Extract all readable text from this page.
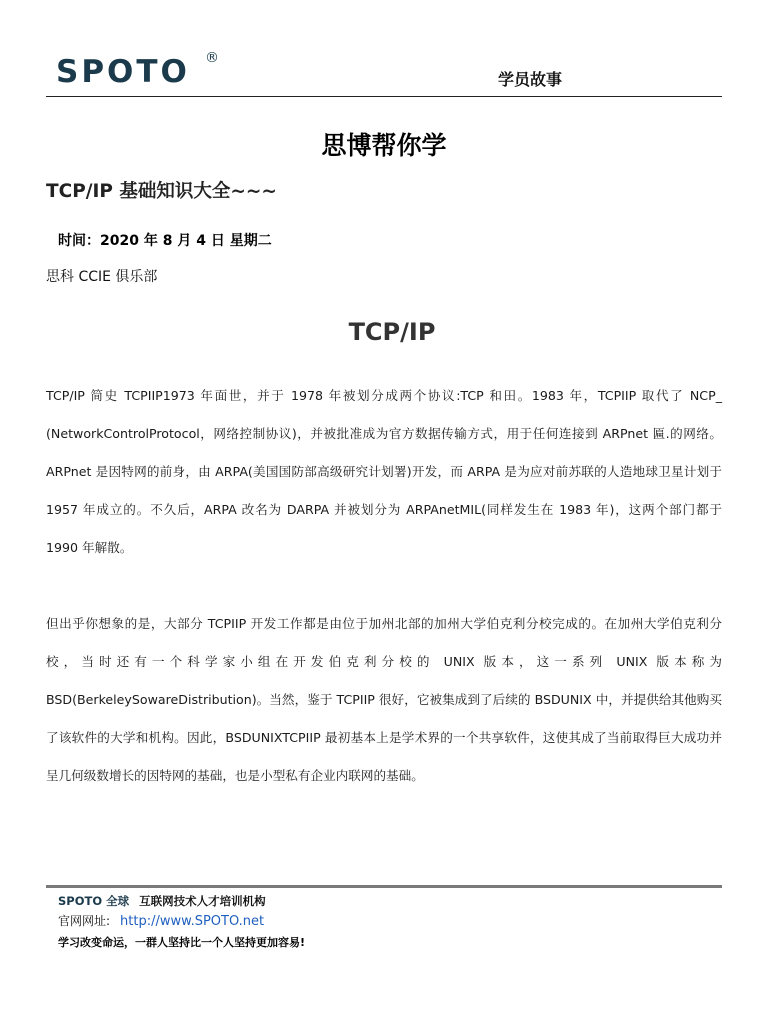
SPOTO ®
学员故事
思博帮你学
TCP/IP 基础知识大全~~~
时间：2020 年 8 月 4 日 星期二
思科 CCIE 俱乐部
TCP/IP
TCP/IP 简史 TCPIIP1973 年面世，并于 1978 年被划分成两个协议:TCP 和田。1983 年，TCPIIP 取代了 NCP_ (NetworkControlProtocol，网络控制协议)，并被批准成为官方数据传输方式，用于任何连接到 ARPnet 匾.的网络。ARPnet 是因特网的前身，由 ARPA(美国国防部高级研究计划署)开发，而 ARPA 是为应对前苏联的人造地球卫星计划于 1957 年成立的。不久后，ARPA 改名为 DARPA 并被划分为 ARPAnetMIL(同样发生在 1983 年)，这两个部门都于 1990 年解散。
但出乎你想象的是，大部分 TCPIIP 开发工作都是由位于加州北部的加州大学伯克利分校完成的。在加州大学伯克利分校，当时还有一个科学家小组在开发伯克利分校的 UNIX 版本，这一系列 UNIX 版本称为 BSD(BerkeleySowareDistribution)。当然，鉴于 TCPIIP 很好，它被集成到了后续的 BSDUNIX 中，并提供给其他购买了该软件的大学和机构。因此，BSDUNIXTCPIIP 最初基本上是学术界的一个共享软件，这使其成了当前取得巨大成功并呈几何级数增长的因特网的基础，也是小型私有企业内联网的基础。
SPOTO 全球 互联网技术人才培训机构
官网网址: http://www.SPOTO.net
学习改变命运，一群人坚持比一个人坚持更加容易!
